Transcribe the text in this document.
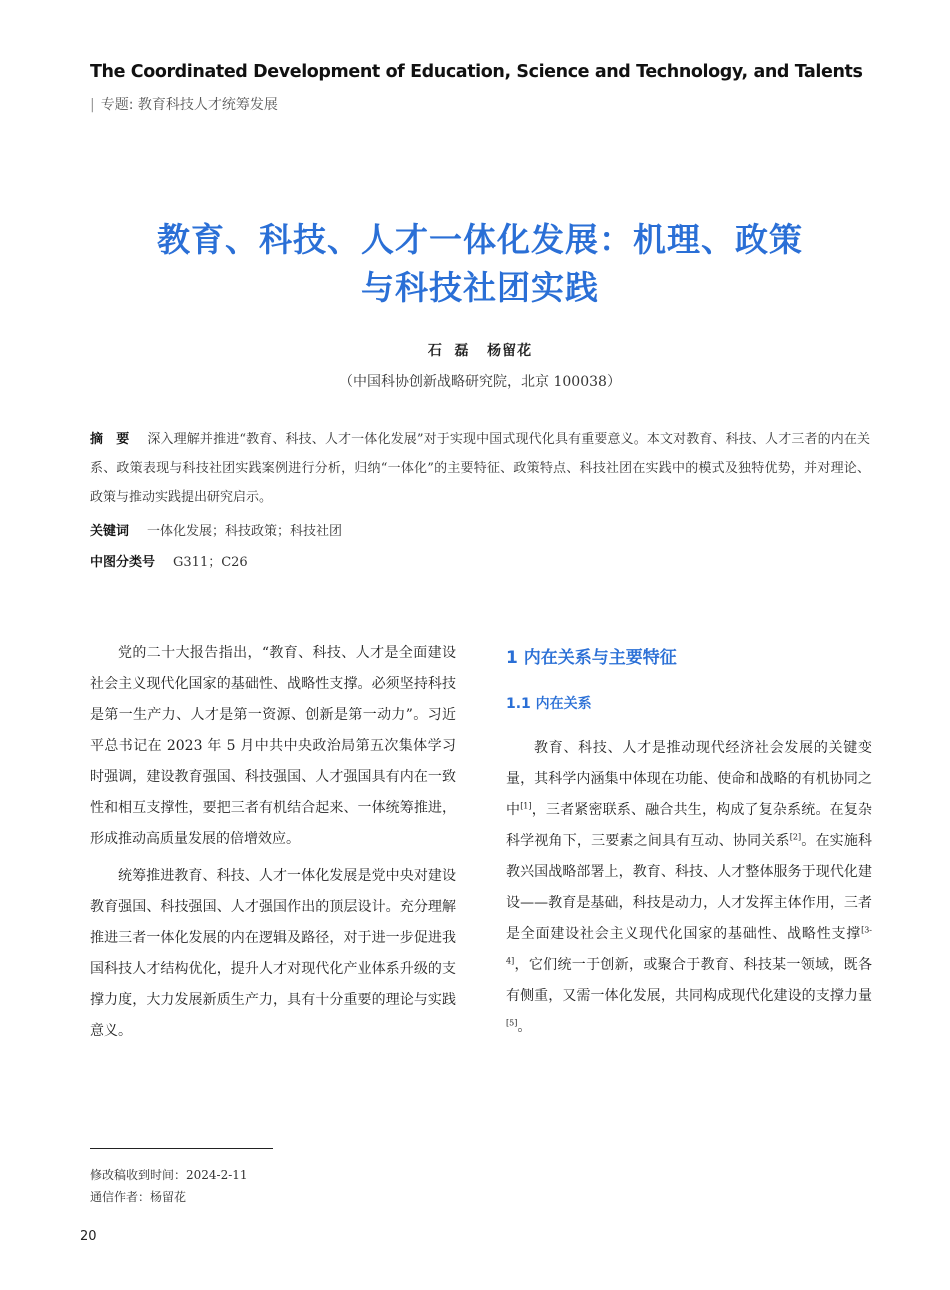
The Coordinated Development of Education, Science and Technology, and Talents
| 专题: 教育科技人才统筹发展
教育、科技、人才一体化发展：机理、政策
与科技社团实践
石  磊   杨留花
（中国科协创新战略研究院，北京 100038）
摘　要 深入理解并推进“教育、科技、人才一体化发展”对于实现中国式现代化具有重要意义。本文对教育、科技、人才三者的内在关系、政策表现与科技社团实践案例进行分析，归纳“一体化”的主要特征、政策特点、科技社团在实践中的模式及独特优势，并对理论、政策与推动实践提出研究启示。
关键词 一体化发展；科技政策；科技社团
中图分类号 G311；C26

党的二十大报告指出，“教育、科技、人才是全面建设社会主义现代化国家的基础性、战略性支撑。必须坚持科技是第一生产力、人才是第一资源、创新是第一动力”。习近平总书记在 2023 年 5 月中共中央政治局第五次集体学习时强调，建设教育强国、科技强国、人才强国具有内在一致性和相互支撑性，要把三者有机结合起来、一体统筹推进，形成推动高质量发展的倍增效应。

统筹推进教育、科技、人才一体化发展是党中央对建设教育强国、科技强国、人才强国作出的顶层设计。充分理解推进三者一体化发展的内在逻辑及路径，对于进一步促进我国科技人才结构优化，提升人才对现代化产业体系升级的支撑力度，大力发展新质生产力，具有十分重要的理论与实践意义。

1 内在关系与主要特征
1.1 内在关系

教育、科技、人才是推动现代经济社会发展的关键变量，其科学内涵集中体现在功能、使命和战略的有机协同之中[1]，三者紧密联系、融合共生，构成了复杂系统。在复杂科学视角下，三要素之间具有互动、协同关系[2]。在实施科教兴国战略部署上，教育、科技、人才整体服务于现代化建设——教育是基础，科技是动力，人才发挥主体作用，三者是全面建设社会主义现代化国家的基础性、战略性支撑[3-4]，它们统一于创新，或聚合于教育、科技某一领域，既各有侧重，又需一体化发展，共同构成现代化建设的支撑力量[5]。

修改稿收到时间：2024-2-11
通信作者：杨留花
20
